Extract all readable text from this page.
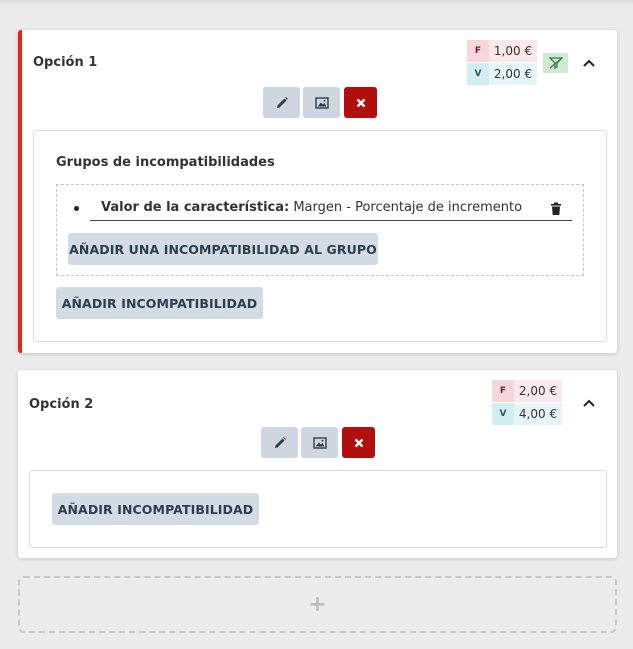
Opción 1
F	1,00 €
V	2,00 €
Grupos de incompatibilidades
Valor de la característica: Margen - Porcentaje de incremento
AÑADIR UNA INCOMPATIBILIDAD AL GRUPO
AÑADIR INCOMPATIBILIDAD
Opción 2
F	2,00 €
V	4,00 €
AÑADIR INCOMPATIBILIDAD
+
